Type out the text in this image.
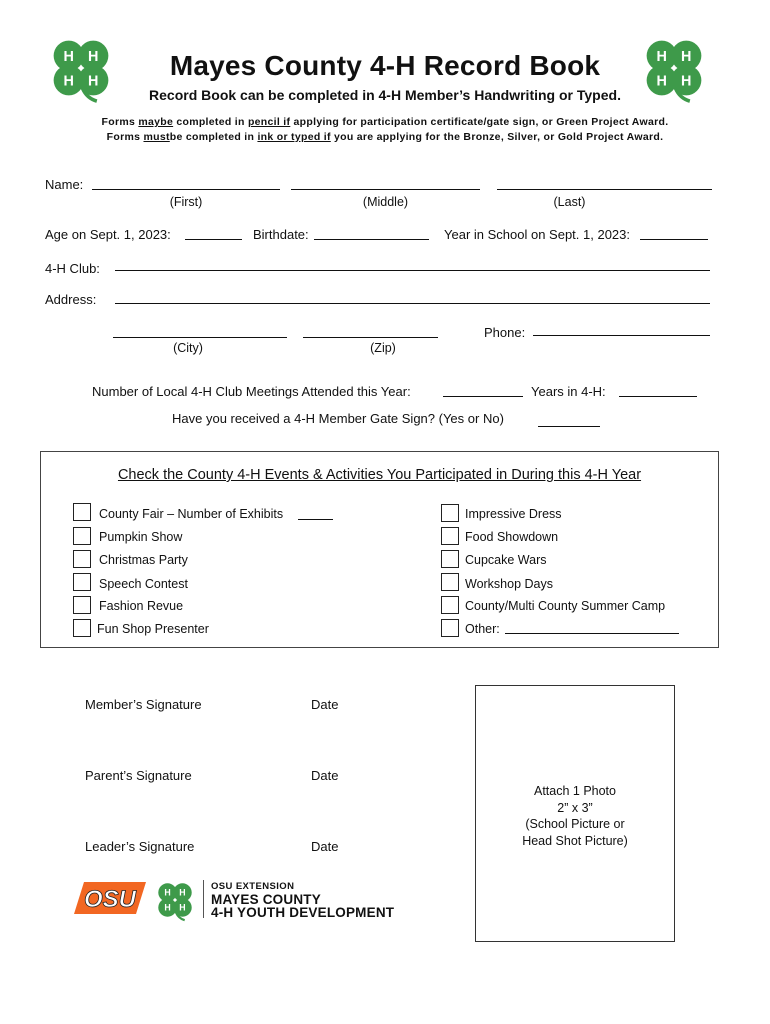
Mayes County 4-H Record Book
Record Book can be completed in 4-H Member’s Handwriting or Typed.
Forms maybe completed in pencil if applying for participation certificate/gate sign, or Green Project Award.
Forms mustbe completed in ink or typed if you are applying for the Bronze, Silver, or Gold Project Award.
Name:
(First)	(Middle)	(Last)
Age on Sept. 1, 2023:	Birthdate:	Year in School on Sept. 1, 2023:
4-H Club:
Address:
Phone:
(City)	(Zip)
Number of Local 4-H Club Meetings Attended this Year:	Years in 4-H:
Have you received a 4-H Member Gate Sign? (Yes or No)
Check the County 4-H Events & Activities You Participated in During this 4-H Year
County Fair – Number of Exhibits
Pumpkin Show
Christmas Party
Speech Contest
Fashion Revue
Fun Shop Presenter
Impressive Dress
Food Showdown
Cupcake Wars
Workshop Days
County/Multi County Summer Camp
Other:
Member’s Signature	Date
Parent’s Signature	Date
Leader’s Signature	Date
Attach 1 Photo
2” x 3”
(School Picture or
Head Shot Picture)
OSU	OSU EXTENSION
MAYES COUNTY
4-H YOUTH DEVELOPMENT
